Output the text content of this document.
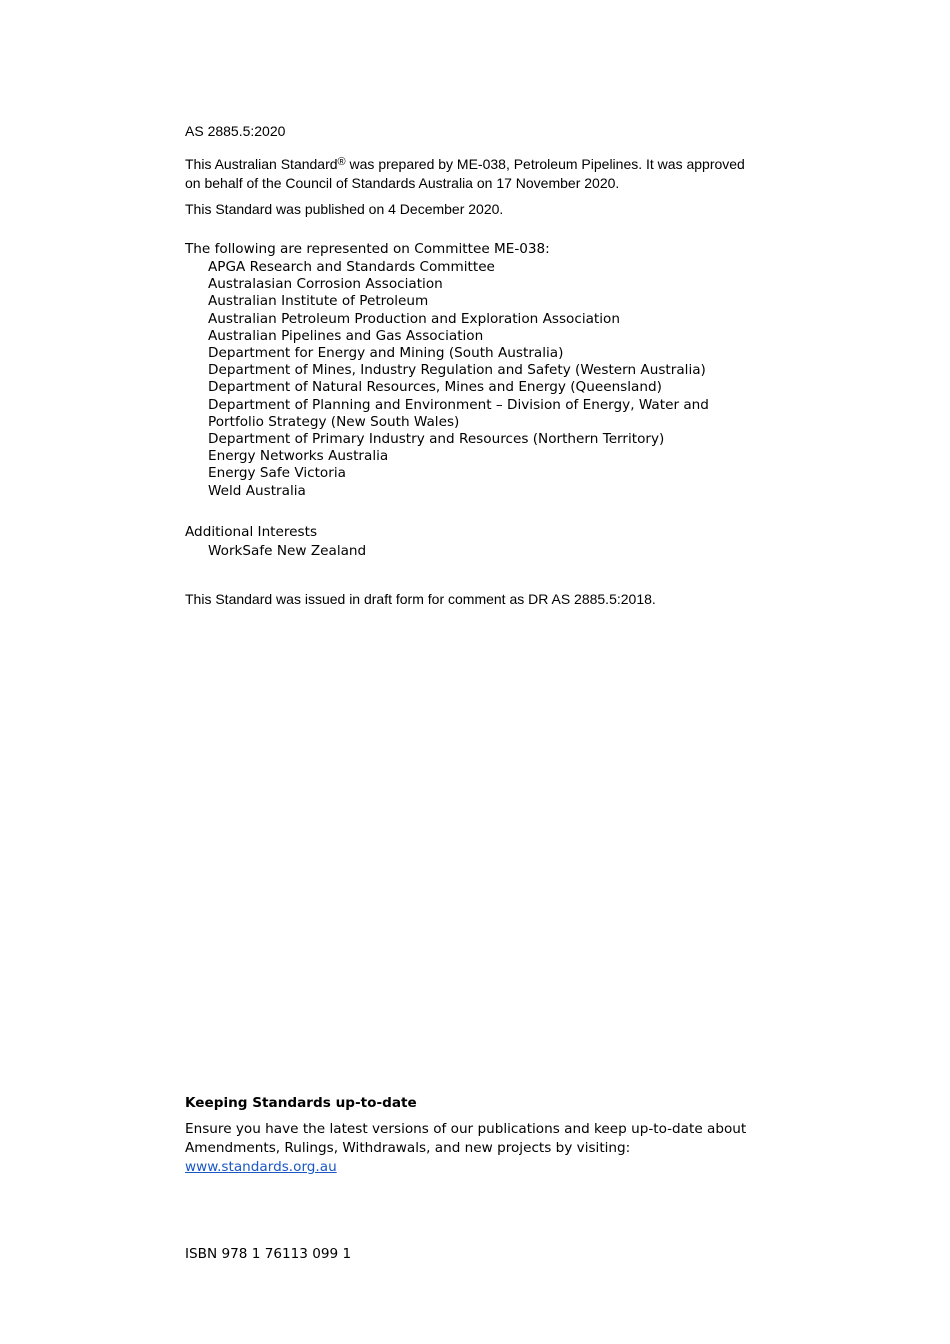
AS 2885.5:2020
This Australian Standard® was prepared by ME-038, Petroleum Pipelines. It was approved
on behalf of the Council of Standards Australia on 17 November 2020.
This Standard was published on 4 December 2020.
The following are represented on Committee ME-038:
APGA Research and Standards Committee
Australasian Corrosion Association
Australian Institute of Petroleum
Australian Petroleum Production and Exploration Association
Australian Pipelines and Gas Association
Department for Energy and Mining (South Australia)
Department of Mines, Industry Regulation and Safety (Western Australia)
Department of Natural Resources, Mines and Energy (Queensland)
Department of Planning and Environment – Division of Energy, Water and
Portfolio Strategy (New South Wales)
Department of Primary Industry and Resources (Northern Territory)
Energy Networks Australia
Energy Safe Victoria
Weld Australia
Additional Interests
WorkSafe New Zealand
This Standard was issued in draft form for comment as DR AS 2885.5:2018.
Keeping Standards up-to-date

Ensure you have the latest versions of our publications and keep up-to-date about

Amendments, Rulings, Withdrawals, and new projects by visiting:

www.standards.org.au

ISBN 978 1 76113 099 1
